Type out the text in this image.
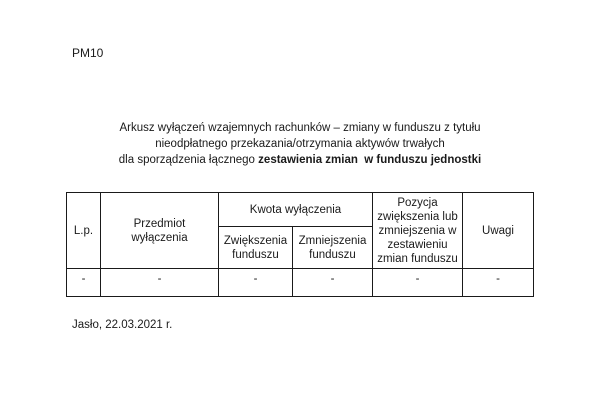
PM10
Arkusz wyłączeń wzajemnych rachunków – zmiany w funduszu z tytułu
nieodpłatnego przekazania/otrzymania aktywów trwałych
dla sporządzenia łącznego zestawienia zmian w funduszu jednostki
L.p.	Przedmiot wyłączenia	Kwota wyłączenia		Pozycja zwiększenia lub zmniejszenia w zestawieniu zmian funduszu	Uwagi
		Zwiększenia funduszu	Zmniejszenia funduszu		
-	-	-	-	-	-
Jasło, 22.03.2021 r.
